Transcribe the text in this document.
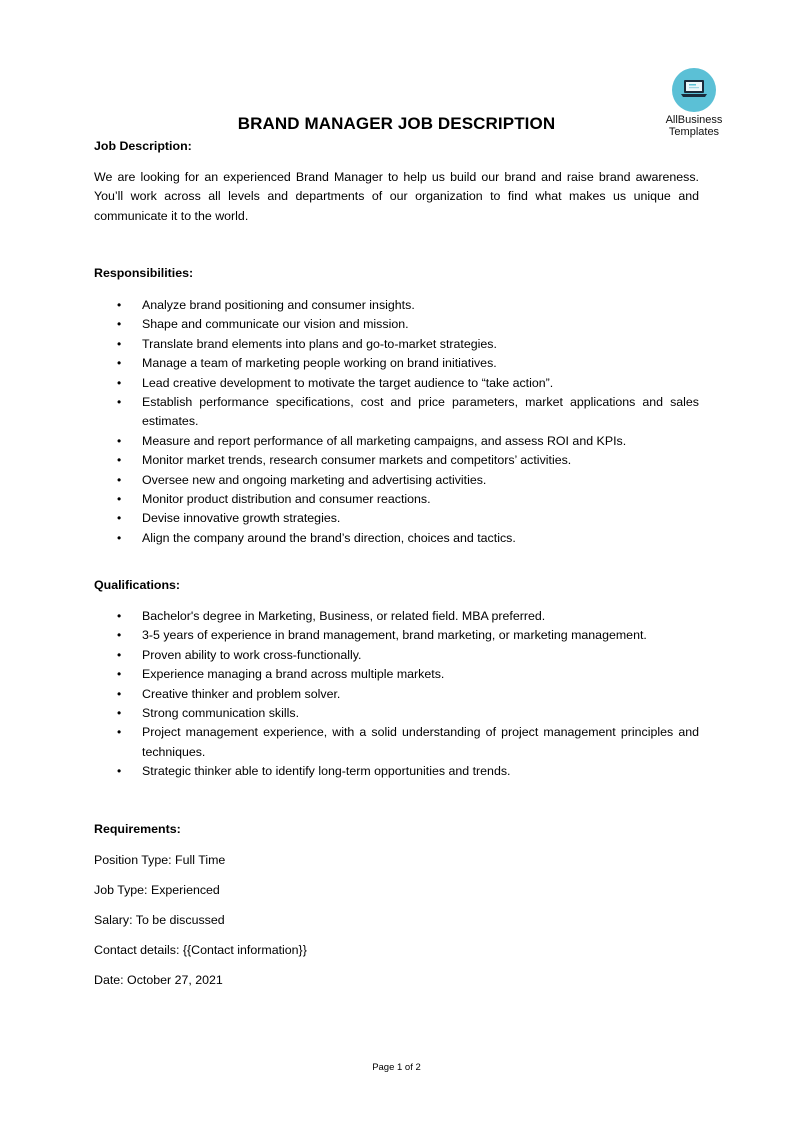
AllBusiness
Templates
BRAND MANAGER JOB DESCRIPTION
Job Description:
We are looking for an experienced Brand Manager to help us build our brand and raise brand awareness. You’ll work across all levels and departments of our organization to find what makes us unique and communicate it to the world.
Responsibilities:
• Analyze brand positioning and consumer insights.
• Shape and communicate our vision and mission.
• Translate brand elements into plans and go-to-market strategies.
• Manage a team of marketing people working on brand initiatives.
• Lead creative development to motivate the target audience to “take action”.
• Establish performance specifications, cost and price parameters, market applications and sales estimates.
• Measure and report performance of all marketing campaigns, and assess ROI and KPIs.
• Monitor market trends, research consumer markets and competitors’ activities.
• Oversee new and ongoing marketing and advertising activities.
• Monitor product distribution and consumer reactions.
• Devise innovative growth strategies.
• Align the company around the brand’s direction, choices and tactics.
Qualifications:
• Bachelor's degree in Marketing, Business, or related field. MBA preferred.
• 3-5 years of experience in brand management, brand marketing, or marketing management.
• Proven ability to work cross-functionally.
• Experience managing a brand across multiple markets.
• Creative thinker and problem solver.
• Strong communication skills.
• Project management experience, with a solid understanding of project management principles and techniques.
• Strategic thinker able to identify long-term opportunities and trends.
Requirements:
Position Type: Full Time
Job Type: Experienced
Salary: To be discussed
Contact details: {{Contact information}}
Date: October 27, 2021
Page 1 of 2
